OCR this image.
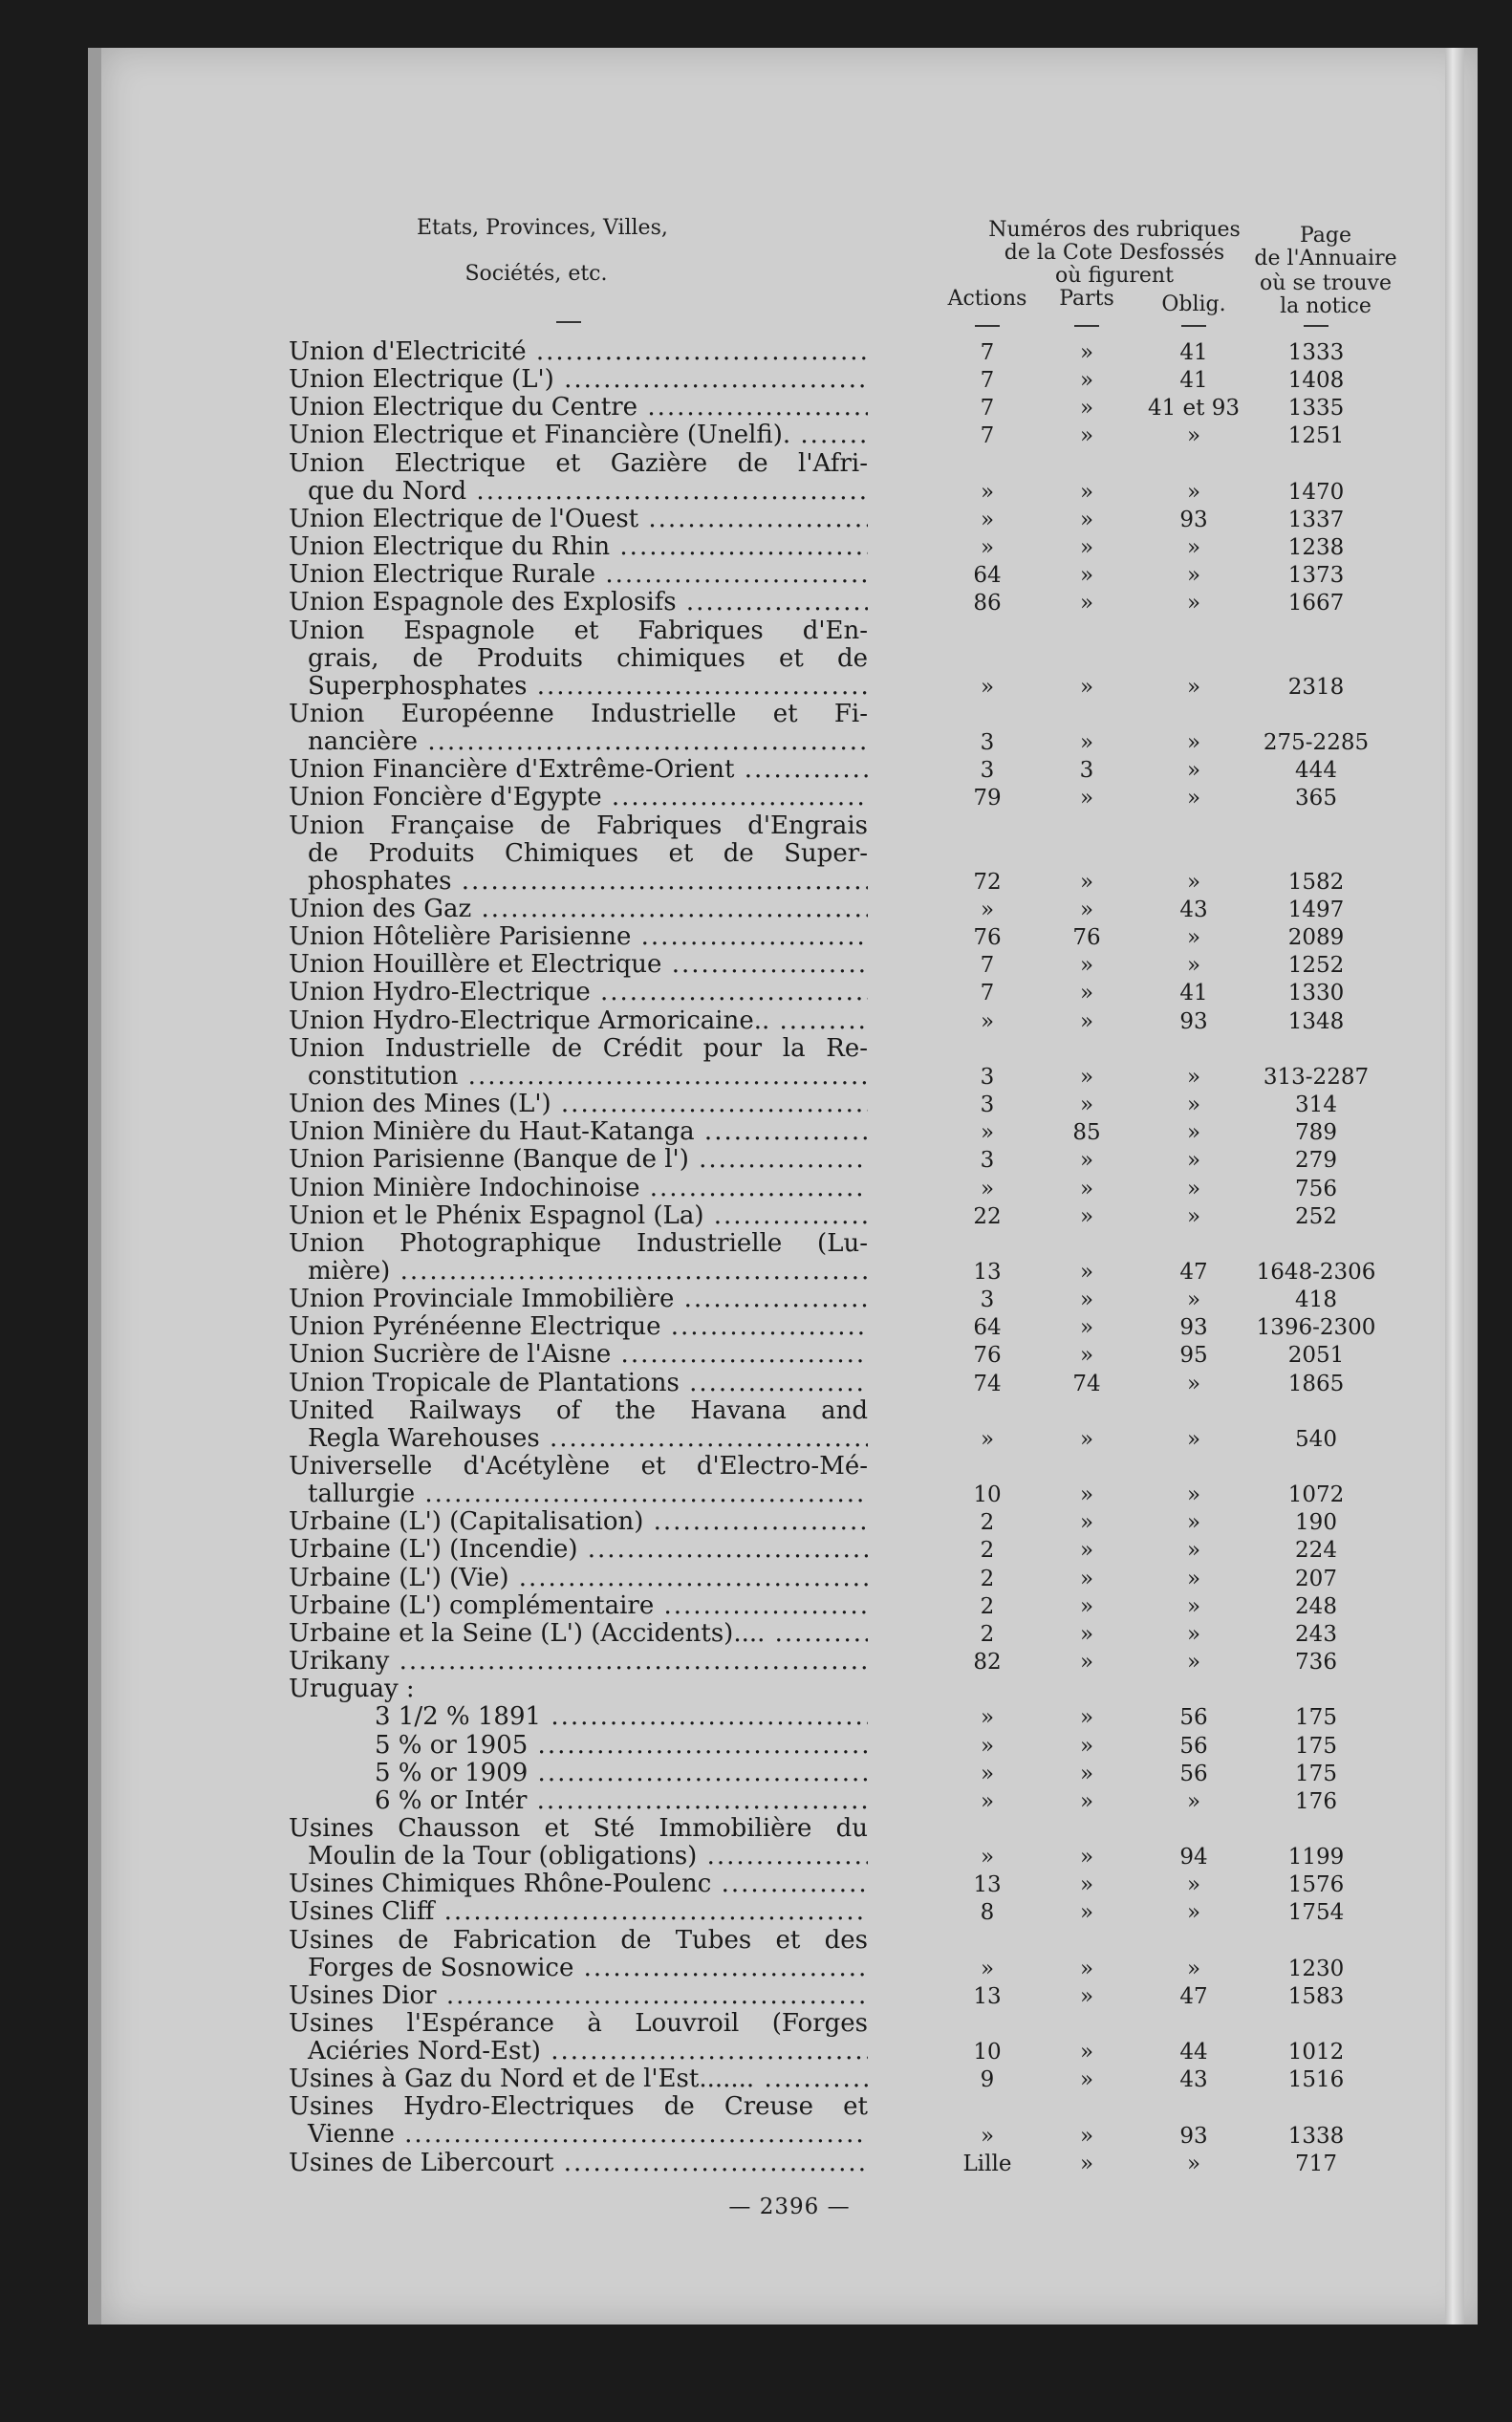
Etats, Provinces, Villes,
Sociétés, etc.
Numéros des rubriques
de la Cote Desfossés
où figurent
Actions	Parts	Oblig.
Page
de l'Annuaire
où se trouve
la notice
Union d'Electricité .....	7	»	41	1333
Union Electrique (L') .....	7	»	41	1408
Union Electrique du Centre .....	7	»	41 et 93	1335
Union Electrique et Financière (Unelfi). .....	7	»	»	1251
Union Electrique et Gazière de l'Afri-
que du Nord .....	»	»	»	1470
Union Electrique de l'Ouest .....	»	»	93	1337
Union Electrique du Rhin .....	»	»	»	1238
Union Electrique Rurale .....	64	»	»	1373
Union Espagnole des Explosifs .....	86	»	»	1667
Union Espagnole et Fabriques d'En-
grais, de Produits chimiques et de
Superphosphates .....	»	»	»	2318
Union Européenne Industrielle et Fi-
nancière .....	3	»	»	275-2285
Union Financière d'Extrême-Orient .....	3	3	»	444
Union Foncière d'Egypte .....	79	»	»	365
Union Française de Fabriques d'Engrais
de Produits Chimiques et de Super-
phosphates .....	72	»	»	1582
Union des Gaz .....	»	»	43	1497
Union Hôtelière Parisienne .....	76	76	»	2089
Union Houillère et Electrique .....	7	»	»	1252
Union Hydro-Electrique .....	7	»	41	1330
Union Hydro-Electrique Armoricaine.. .....	»	»	93	1348
Union Industrielle de Crédit pour la Re-
constitution .....	3	»	»	313-2287
Union des Mines (L') .....	3	»	»	314
Union Minière du Haut-Katanga .....	»	85	»	789
Union Parisienne (Banque de l') .....	3	»	»	279
Union Minière Indochinoise .....	»	»	»	756
Union et le Phénix Espagnol (La) .....	22	»	»	252
Union Photographique Industrielle (Lu-
mière) .....	13	»	47	1648-2306
Union Provinciale Immobilière .....	3	»	»	418
Union Pyrénéenne Electrique .....	64	»	93	1396-2300
Union Sucrière de l'Aisne .....	76	»	95	2051
Union Tropicale de Plantations .....	74	74	»	1865
United Railways of the Havana and
Regla Warehouses .....	»	»	»	540
Universelle d'Acétylène et d'Electro-Mé-
tallurgie .....	10	»	»	1072
Urbaine (L') (Capitalisation) .....	2	»	»	190
Urbaine (L') (Incendie) .....	2	»	»	224
Urbaine (L') (Vie) .....	2	»	»	207
Urbaine (L') complémentaire .....	2	»	»	248
Urbaine et la Seine (L') (Accidents).... .....	2	»	»	243
Urikany .....	82	»	»	736
Uruguay :
3 1/2 % 1891 .....	»	»	56	175
5 % or 1905 .....	»	»	56	175
5 % or 1909 .....	»	»	56	175
6 % or Intér .....	»	»	»	176
Usines Chausson et Sté Immobilière du
Moulin de la Tour (obligations) .....	»	»	94	1199
Usines Chimiques Rhône-Poulenc .....	13	»	»	1576
Usines Cliff .....	8	»	»	1754
Usines de Fabrication de Tubes et des
Forges de Sosnowice .....	»	»	»	1230
Usines Dior .....	13	»	47	1583
Usines l'Espérance à Louvroil (Forges
Aciéries Nord-Est) .....	10	»	44	1012
Usines à Gaz du Nord et de l'Est....... .....	9	»	43	1516
Usines Hydro-Electriques de Creuse et
Vienne .....	»	»	93	1338
Usines de Libercourt .....	Lille	»	»	717
— 2396 —
